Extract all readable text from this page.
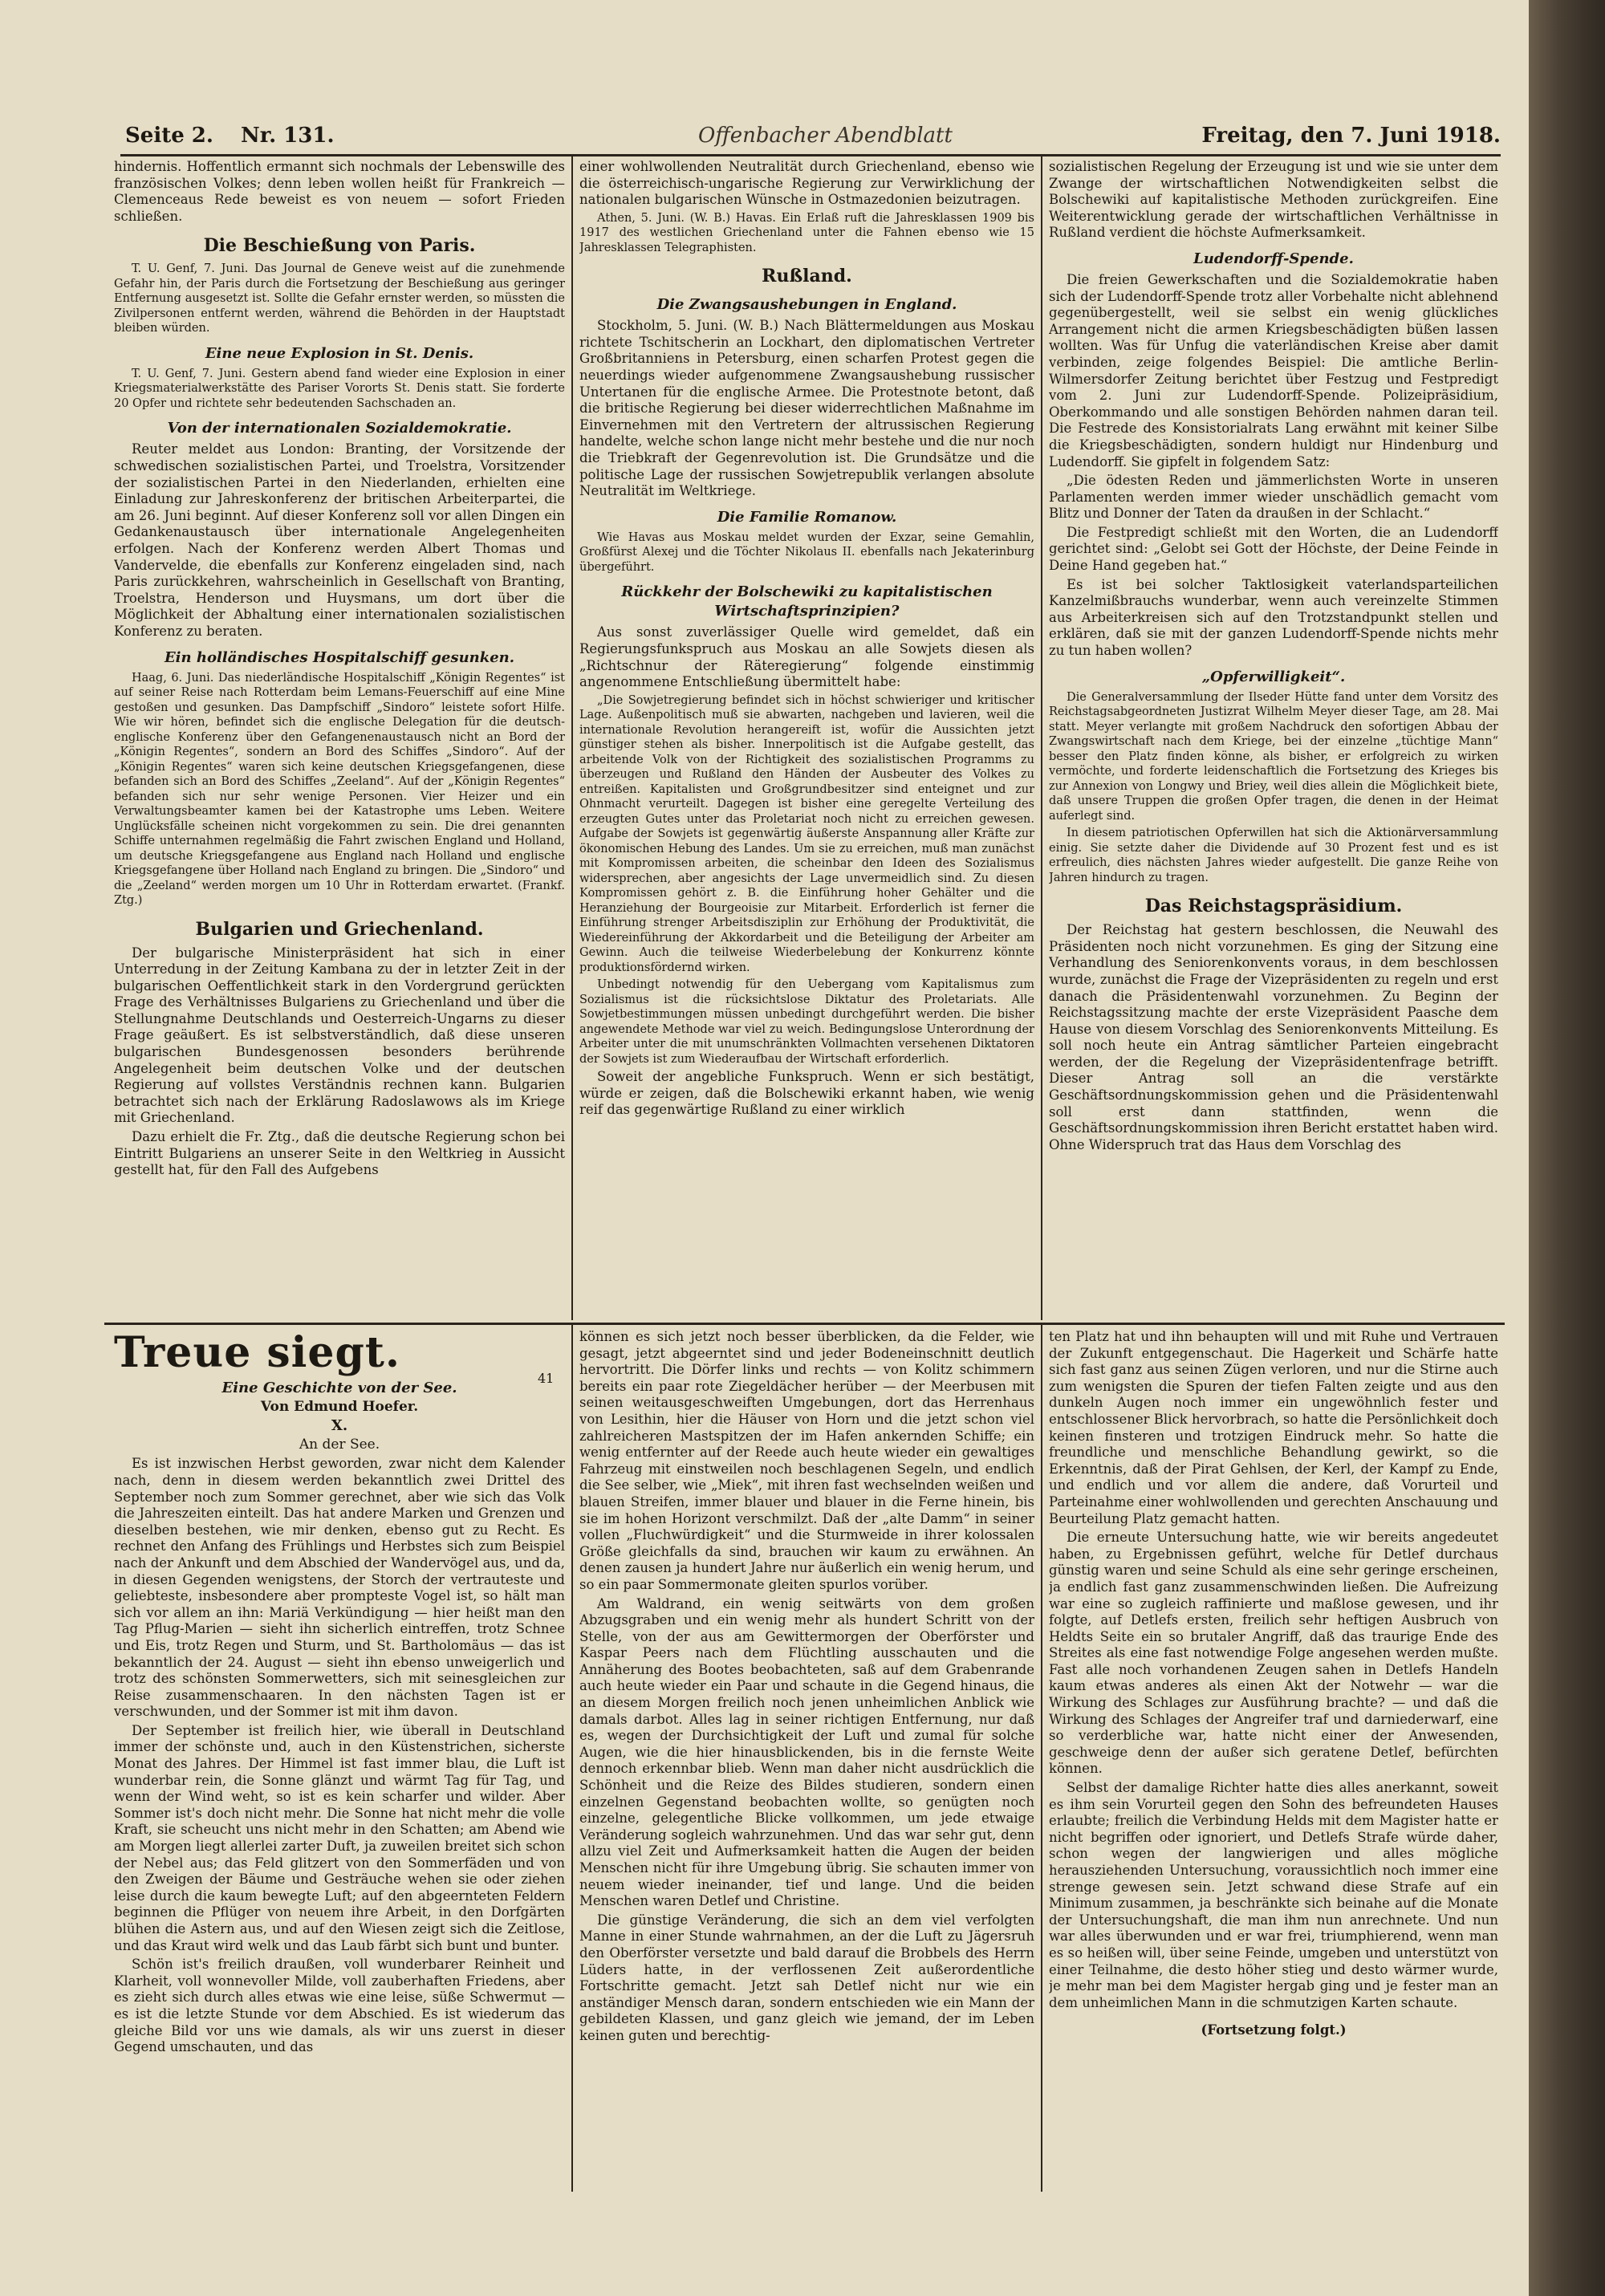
Seite 2. Nr. 131.	Offenbacher Abendblatt	Freitag, den 7. Juni 1918.

hindernis. Hoffentlich ermannt sich nochmals der Lebenswille des französischen Volkes; denn leben wollen heißt für Frankreich — Clemenceaus Rede beweist es von neuem — sofort Frieden schließen.

Die Beschießung von Paris.

T. U. Genf, 7. Juni. Das Journal de Geneve weist auf die zunehmende Gefahr hin, der Paris durch die Fortsetzung der Beschießung aus geringer Entfernung ausgesetzt ist. Sollte die Gefahr ernster werden, so müssten die Zivilpersonen entfernt werden, während die Behörden in der Hauptstadt bleiben würden.

Eine neue Explosion in St. Denis.

T. U. Genf, 7. Juni. Gestern abend fand wieder eine Explosion in einer Kriegsmaterialwerkstätte des Pariser Vororts St. Denis statt. Sie forderte 20 Opfer und richtete sehr bedeutenden Sachschaden an.

Von der internationalen Sozialdemokratie.

Reuter meldet aus London: Branting, der Vorsitzende der schwedischen sozialistischen Partei, und Troelstra, Vorsitzender der sozialistischen Partei in den Niederlanden, erhielten eine Einladung zur Jahreskonferenz der britischen Arbeiterpartei, die am 26. Juni beginnt. Auf dieser Konferenz soll vor allen Dingen ein Gedankenaustausch über internationale Angelegenheiten erfolgen. Nach der Konferenz werden Albert Thomas und Vandervelde, die ebenfalls zur Konferenz eingeladen sind, nach Paris zurückkehren, wahrscheinlich in Gesellschaft von Branting, Troelstra, Henderson und Huysmans, um dort über die Möglichkeit der Abhaltung einer internationalen sozialistischen Konferenz zu beraten.

Ein holländisches Hospitalschiff gesunken.

Haag, 6. Juni. Das niederländische Hospitalschiff „Königin Regentes“ ist auf seiner Reise nach Rotterdam beim Lemans-Feuerschiff auf eine Mine gestoßen und gesunken. Das Dampfschiff „Sindoro“ leistete sofort Hilfe. Wie wir hören, befindet sich die englische Delegation für die deutsch-englische Konferenz über den Gefangenenaustausch nicht an Bord der „Königin Regentes“, sondern an Bord des Schiffes „Sindoro“. Auf der „Königin Regentes“ waren sich keine deutschen Kriegsgefangenen, diese befanden sich an Bord des Schiffes „Zeeland“. Auf der „Königin Regentes“ befanden sich nur sehr wenige Personen. Vier Heizer und ein Verwaltungsbeamter kamen bei der Katastrophe ums Leben. Weitere Unglücksfälle scheinen nicht vorgekommen zu sein. Die drei genannten Schiffe unternahmen regelmäßig die Fahrt zwischen England und Holland, um deutsche Kriegsgefangene aus England nach Holland und englische Kriegsgefangene über Holland nach England zu bringen. Die „Sindoro“ und die „Zeeland“ werden morgen um 10 Uhr in Rotterdam erwartet. (Frankf. Ztg.)

Bulgarien und Griechenland.

Der bulgarische Ministerpräsident hat sich in einer Unterredung in der Zeitung Kambana zu der in letzter Zeit in der bulgarischen Oeffentlichkeit stark in den Vordergrund gerückten Frage des Verhältnisses Bulgariens zu Griechenland und über die Stellungnahme Deutschlands und Oesterreich-Ungarns zu dieser Frage geäußert. Es ist selbstverständlich, daß diese unseren bulgarischen Bundesgenossen besonders berührende Angelegenheit beim deutschen Volke und der deutschen Regierung auf vollstes Verständnis rechnen kann. Bulgarien betrachtet sich nach der Erklärung Radoslawows als im Kriege mit Griechenland.

Dazu erhielt die Fr. Ztg., daß die deutsche Regierung schon bei Eintritt Bulgariens an unserer Seite in den Weltkrieg in Aussicht gestellt hat, für den Fall des Aufgebens

einer wohlwollenden Neutralität durch Griechenland, ebenso wie die österreichisch-ungarische Regierung zur Verwirklichung der nationalen bulgarischen Wünsche in Ostmazedonien beizutragen.

Athen, 5. Juni. (W. B.) Havas. Ein Erlaß ruft die Jahresklassen 1909 bis 1917 des westlichen Griechenland unter die Fahnen ebenso wie 15 Jahresklassen Telegraphisten.

Rußland.
Die Zwangsaushebungen in England.

Stockholm, 5. Juni. (W. B.) Nach Blättermeldungen aus Moskau richtete Tschitscherin an Lockhart, den diplomatischen Vertreter Großbritanniens in Petersburg, einen scharfen Protest gegen die neuerdings wieder aufgenommene Zwangsaushebung russischer Untertanen für die englische Armee. Die Protestnote betont, daß die britische Regierung bei dieser widerrechtlichen Maßnahme im Einvernehmen mit den Vertretern der altrussischen Regierung handelte, welche schon lange nicht mehr bestehe und die nur noch die Triebkraft der Gegenrevolution ist. Die Grundsätze und die politische Lage der russischen Sowjetrepublik verlangen absolute Neutralität im Weltkriege.

Die Familie Romanow.

Wie Havas aus Moskau meldet wurden der Exzar, seine Gemahlin, Großfürst Alexej und die Töchter Nikolaus II. ebenfalls nach Jekaterinburg übergeführt.

Rückkehr der Bolschewiki zu kapitalistischen Wirtschaftsprinzipien?

Aus sonst zuverlässiger Quelle wird gemeldet, daß ein Regierungsfunkspruch aus Moskau an alle Sowjets diesen als „Richtschnur der Räteregierung“ folgende einstimmig angenommene Entschließung übermittelt habe:

„Die Sowjetregierung befindet sich in höchst schwieriger und kritischer Lage. Außenpolitisch muß sie abwarten, nachgeben und lavieren, weil die internationale Revolution herangereift ist, wofür die Aussichten jetzt günstiger stehen als bisher. Innerpolitisch ist die Aufgabe gestellt, das arbeitende Volk von der Richtigkeit des sozialistischen Programms zu überzeugen und Rußland den Händen der Ausbeuter des Volkes zu entreißen. Kapitalisten und Großgrundbesitzer sind enteignet und zur Ohnmacht verurteilt. Dagegen ist bisher eine geregelte Verteilung des erzeugten Gutes unter das Proletariat noch nicht zu erreichen gewesen. Aufgabe der Sowjets ist gegenwärtig äußerste Anspannung aller Kräfte zur ökonomischen Hebung des Landes. Um sie zu erreichen, muß man zunächst mit Kompromissen arbeiten, die scheinbar den Ideen des Sozialismus widersprechen, aber angesichts der Lage unvermeidlich sind. Zu diesen Kompromissen gehört z. B. die Einführung hoher Gehälter und die Heranziehung der Bourgeoisie zur Mitarbeit. Erforderlich ist ferner die Einführung strenger Arbeitsdisziplin zur Erhöhung der Produktivität, die Wiedereinführung der Akkordarbeit und die Beteiligung der Arbeiter am Gewinn. Auch die teilweise Wiederbelebung der Konkurrenz könnte produktionsfördernd wirken.

Unbedingt notwendig für den Uebergang vom Kapitalismus zum Sozialismus ist die rücksichtslose Diktatur des Proletariats. Alle Sowjetbestimmungen müssen unbedingt durchgeführt werden. Die bisher angewendete Methode war viel zu weich. Bedingungslose Unterordnung der Arbeiter unter die mit unumschränkten Vollmachten versehenen Diktatoren der Sowjets ist zum Wiederaufbau der Wirtschaft erforderlich.

Soweit der angebliche Funkspruch. Wenn er sich bestätigt, würde er zeigen, daß die Bolschewiki erkannt haben, wie wenig reif das gegenwärtige Rußland zu einer wirklich

sozialistischen Regelung der Erzeugung ist und wie sie unter dem Zwange der wirtschaftlichen Notwendigkeiten selbst die Bolschewiki auf kapitalistische Methoden zurückgreifen. Eine Weiterentwicklung gerade der wirtschaftlichen Verhältnisse in Rußland verdient die höchste Aufmerksamkeit.

Ludendorff-Spende.

Die freien Gewerkschaften und die Sozialdemokratie haben sich der Ludendorff-Spende trotz aller Vorbehalte nicht ablehnend gegenübergestellt, weil sie selbst ein wenig glückliches Arrangement nicht die armen Kriegsbeschädigten büßen lassen wollten. Was für Unfug die vaterländischen Kreise aber damit verbinden, zeige folgendes Beispiel: Die amtliche Berlin-Wilmersdorfer Zeitung berichtet über Festzug und Festpredigt vom 2. Juni zur Ludendorff-Spende. Polizeipräsidium, Oberkommando und alle sonstigen Behörden nahmen daran teil. Die Festrede des Konsistorialrats Lang erwähnt mit keiner Silbe die Kriegsbeschädigten, sondern huldigt nur Hindenburg und Ludendorff. Sie gipfelt in folgendem Satz:

„Die ödesten Reden und jämmerlichsten Worte in unseren Parlamenten werden immer wieder unschädlich gemacht vom Blitz und Donner der Taten da draußen in der Schlacht.“

Die Festpredigt schließt mit den Worten, die an Ludendorff gerichtet sind: „Gelobt sei Gott der Höchste, der Deine Feinde in Deine Hand gegeben hat.“

Es ist bei solcher Taktlosigkeit vaterlandsparteilichen Kanzelmißbrauchs wunderbar, wenn auch vereinzelte Stimmen aus Arbeiterkreisen sich auf den Trotzstandpunkt stellen und erklären, daß sie mit der ganzen Ludendorff-Spende nichts mehr zu tun haben wollen?

„Opferwilligkeit“.

Die Generalversammlung der Ilseder Hütte fand unter dem Vorsitz des Reichstagsabgeordneten Justizrat Wilhelm Meyer dieser Tage, am 28. Mai statt. Meyer verlangte mit großem Nachdruck den sofortigen Abbau der Zwangswirtschaft nach dem Kriege, bei der einzelne „tüchtige Mann“ besser den Platz finden könne, als bisher, er erfolgreich zu wirken vermöchte, und forderte leidenschaftlich die Fortsetzung des Krieges bis zur Annexion von Longwy und Briey, weil dies allein die Möglichkeit biete, daß unsere Truppen die großen Opfer tragen, die denen in der Heimat auferlegt sind.

In diesem patriotischen Opferwillen hat sich die Aktionärversammlung einig. Sie setzte daher die Dividende auf 30 Prozent fest und es ist erfreulich, dies nächsten Jahres wieder aufgestellt. Die ganze Reihe von Jahren hindurch zu tragen.

Das Reichstagspräsidium.

Der Reichstag hat gestern beschlossen, die Neuwahl des Präsidenten noch nicht vorzunehmen. Es ging der Sitzung eine Verhandlung des Seniorenkonvents voraus, in dem beschlossen wurde, zunächst die Frage der Vizepräsidenten zu regeln und erst danach die Präsidentenwahl vorzunehmen. Zu Beginn der Reichstagssitzung machte der erste Vizepräsident Paasche dem Hause von diesem Vorschlag des Seniorenkonvents Mitteilung. Es soll noch heute ein Antrag sämtlicher Parteien eingebracht werden, der die Regelung der Vizepräsidentenfrage betrifft. Dieser Antrag soll an die verstärkte Geschäftsordnungskommission gehen und die Präsidentenwahl soll erst dann stattfinden, wenn die Geschäftsordnungskommission ihren Bericht erstattet haben wird. Ohne Widerspruch trat das Haus dem Vorschlag des

41
Treue siegt.
Eine Geschichte von der See.
Von Edmund Hoefer.
X.
An der See.

Es ist inzwischen Herbst geworden, zwar nicht dem Kalender nach, denn in diesem werden bekanntlich zwei Drittel des September noch zum Sommer gerechnet, aber wie sich das Volk die Jahreszeiten einteilt. Das hat andere Marken und Grenzen und dieselben bestehen, wie mir denken, ebenso gut zu Recht. Es rechnet den Anfang des Frühlings und Herbstes sich zum Beispiel nach der Ankunft und dem Abschied der Wandervögel aus, und da, in diesen Gegenden wenigstens, der Storch der vertrauteste und geliebteste, insbesondere aber prompteste Vogel ist, so hält man sich vor allem an ihn: Mariä Verkündigung — hier heißt man den Tag Pflug-Marien — sieht ihn sicherlich eintreffen, trotz Schnee und Eis, trotz Regen und Sturm, und St. Bartholomäus — das ist bekanntlich der 24. August — sieht ihn ebenso unweigerlich und trotz des schönsten Sommerwetters, sich mit seinesgleichen zur Reise zusammenschaaren. In den nächsten Tagen ist er verschwunden, und der Sommer ist mit ihm davon.

Der September ist freilich hier, wie überall in Deutschland immer der schönste und, auch in den Küstenstrichen, sicherste Monat des Jahres. Der Himmel ist fast immer blau, die Luft ist wunderbar rein, die Sonne glänzt und wärmt Tag für Tag, und wenn der Wind weht, so ist es kein scharfer und wilder. Aber Sommer ist's doch nicht mehr. Die Sonne hat nicht mehr die volle Kraft, sie scheucht uns nicht mehr in den Schatten; am Abend wie am Morgen liegt allerlei zarter Duft, ja zuweilen breitet sich schon der Nebel aus; das Feld glitzert von den Sommerfäden und von den Zweigen der Bäume und Gesträuche wehen sie oder ziehen leise durch die kaum bewegte Luft; auf den abgeernteten Feldern beginnen die Pflüger von neuem ihre Arbeit, in den Dorfgärten blühen die Astern aus, und auf den Wiesen zeigt sich die Zeitlose, und das Kraut wird welk und das Laub färbt sich bunt und bunter.

Schön ist's freilich draußen, voll wunderbarer Reinheit und Klarheit, voll wonnevoller Milde, voll zauberhaften Friedens, aber es zieht sich durch alles etwas wie eine leise, süße Schwermut — es ist die letzte Stunde vor dem Abschied. Es ist wiederum das gleiche Bild vor uns wie damals, als wir uns zuerst in dieser Gegend umschauten, und das

können es sich jetzt noch besser überblicken, da die Felder, wie gesagt, jetzt abgeerntet sind und jeder Bodeneinschnitt deutlich hervortritt. Die Dörfer links und rechts — von Kolitz schimmern bereits ein paar rote Ziegeldächer herüber — der Meerbusen mit seinen weitausgeschweiften Umgebungen, dort das Herrenhaus von Lesithin, hier die Häuser von Horn und die jetzt schon viel zahlreicheren Mastspitzen der im Hafen ankernden Schiffe; ein wenig entfernter auf der Reede auch heute wieder ein gewaltiges Fahrzeug mit einstweilen noch beschlagenen Segeln, und endlich die See selber, wie „Miek“, mit ihren fast wechselnden weißen und blauen Streifen, immer blauer und blauer in die Ferne hinein, bis sie im hohen Horizont verschmilzt. Daß der „alte Damm“ in seiner vollen „Fluchwürdigkeit“ und die Sturmweide in ihrer kolossalen Größe gleichfalls da sind, brauchen wir kaum zu erwähnen. An denen zausen ja hundert Jahre nur äußerlich ein wenig herum, und so ein paar Sommermonate gleiten spurlos vorüber.

Am Waldrand, ein wenig seitwärts von dem großen Abzugsgraben und ein wenig mehr als hundert Schritt von der Stelle, von der aus am Gewittermorgen der Oberförster und Kaspar Peers nach dem Flüchtling ausschauten und die Annäherung des Bootes beobachteten, saß auf dem Grabenrande auch heute wieder ein Paar und schaute in die Gegend hinaus, die an diesem Morgen freilich noch jenen unheimlichen Anblick wie damals darbot. Alles lag in seiner richtigen Entfernung, nur daß es, wegen der Durchsichtigkeit der Luft und zumal für solche Augen, wie die hier hinausblickenden, bis in die fernste Weite dennoch erkennbar blieb. Wenn man daher nicht ausdrücklich die Schönheit und die Reize des Bildes studieren, sondern einen einzelnen Gegenstand beobachten wollte, so genügten noch einzelne, gelegentliche Blicke vollkommen, um jede etwaige Veränderung sogleich wahrzunehmen. Und das war sehr gut, denn allzu viel Zeit und Aufmerksamkeit hatten die Augen der beiden Menschen nicht für ihre Umgebung übrig. Sie schauten immer von neuem wieder ineinander, tief und lange. Und die beiden Menschen waren Detlef und Christine.

Die günstige Veränderung, die sich an dem viel verfolgten Manne in einer Stunde wahrnahmen, an der die Luft zu Jägersruh den Oberförster versetzte und bald darauf die Brobbels des Herrn Lüders hatte, in der verflossenen Zeit außerordentliche Fortschritte gemacht. Jetzt sah Detlef nicht nur wie ein anständiger Mensch daran, sondern entschieden wie ein Mann der gebildeten Klassen, und ganz gleich wie jemand, der im Leben keinen guten und berechtig-

ten Platz hat und ihn behaupten will und mit Ruhe und Vertrauen der Zukunft entgegenschaut. Die Hagerkeit und Schärfe hatte sich fast ganz aus seinen Zügen verloren, und nur die Stirne auch zum wenigsten die Spuren der tiefen Falten zeigte und aus den dunkeln Augen noch immer ein ungewöhnlich fester und entschlossener Blick hervorbrach, so hatte die Persönlichkeit doch keinen finsteren und trotzigen Eindruck mehr. So hatte die freundliche und menschliche Behandlung gewirkt, so die Erkenntnis, daß der Pirat Gehlsen, der Kerl, der Kampf zu Ende, und endlich und vor allem die andere, daß Vorurteil und Parteinahme einer wohlwollenden und gerechten Anschauung und Beurteilung Platz gemacht hatten.

Die erneute Untersuchung hatte, wie wir bereits angedeutet haben, zu Ergebnissen geführt, welche für Detlef durchaus günstig waren und seine Schuld als eine sehr geringe erscheinen, ja endlich fast ganz zusammenschwinden ließen. Die Aufreizung war eine so zugleich raffinierte und maßlose gewesen, und ihr folgte, auf Detlefs ersten, freilich sehr heftigen Ausbruch von Heldts Seite ein so brutaler Angriff, daß das traurige Ende des Streites als eine fast notwendige Folge angesehen werden mußte. Fast alle noch vorhandenen Zeugen sahen in Detlefs Handeln kaum etwas anderes als einen Akt der Notwehr — war die Wirkung des Schlages zur Ausführung brachte? — und daß die Wirkung des Schlages der Angreifer traf und darniederwarf, eine so verderbliche war, hatte nicht einer der Anwesenden, geschweige denn der außer sich geratene Detlef, befürchten können.

Selbst der damalige Richter hatte dies alles anerkannt, soweit es ihm sein Vorurteil gegen den Sohn des befreundeten Hauses erlaubte; freilich die Verbindung Helds mit dem Magister hatte er nicht begriffen oder ignoriert, und Detlefs Strafe würde daher, schon wegen der langwierigen und alles mögliche herausziehenden Untersuchung, voraussichtlich noch immer eine strenge gewesen sein. Jetzt schwand diese Strafe auf ein Minimum zusammen, ja beschränkte sich beinahe auf die Monate der Untersuchungshaft, die man ihm nun anrechnete. Und nun war alles überwunden und er war frei, triumphierend, wenn man es so heißen will, über seine Feinde, umgeben und unterstützt von einer Teilnahme, die desto höher stieg und desto wärmer wurde, je mehr man bei dem Magister hergab ging und je fester man an dem unheimlichen Mann in die schmutzigen Karten schaute.

(Fortsetzung folgt.)
